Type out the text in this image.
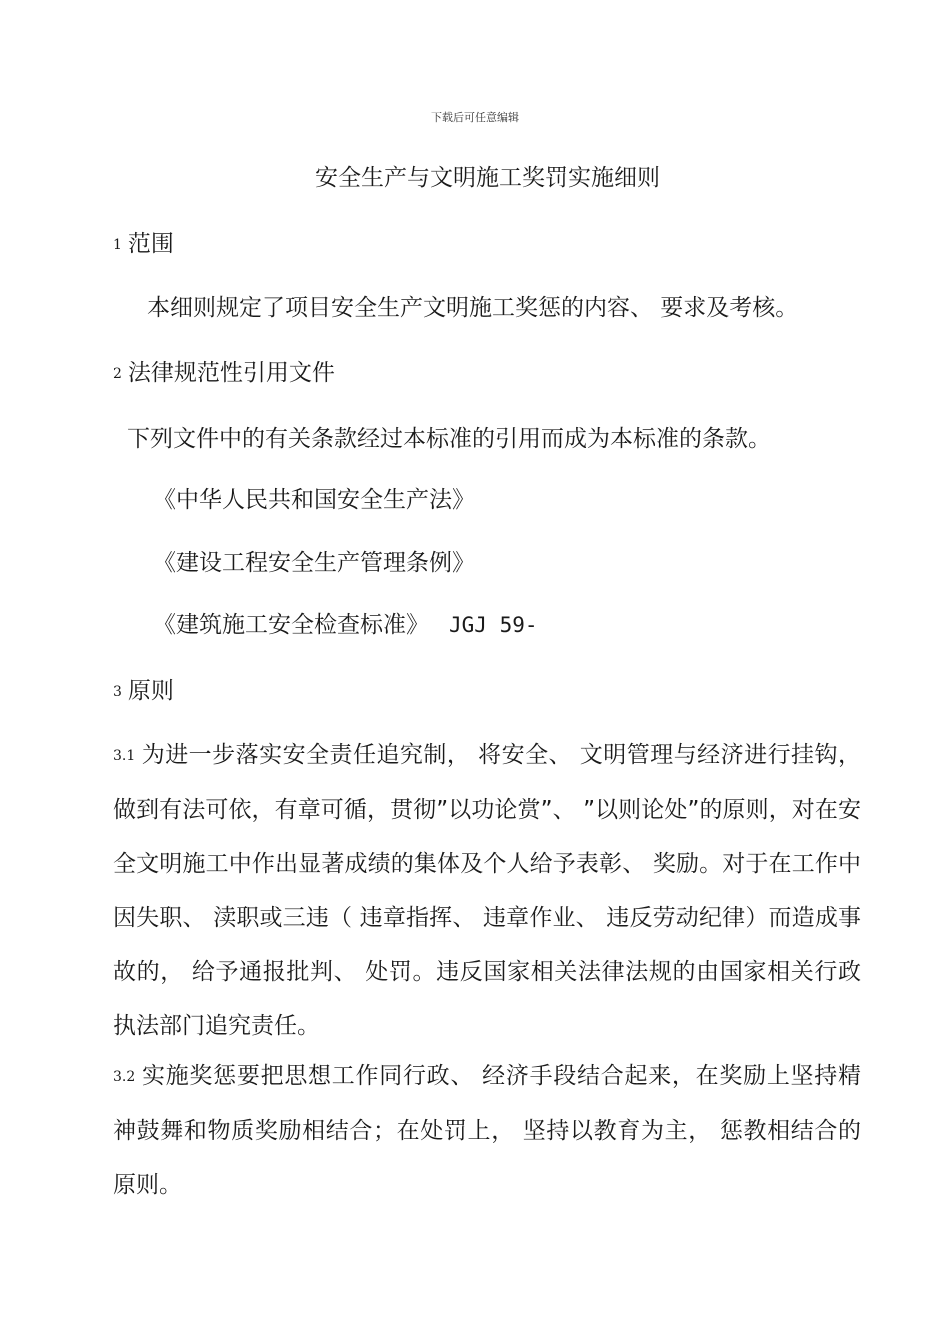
下载后可任意编辑
安全生产与文明施工奖罚实施细则
1 范围
本细则规定了项目安全生产文明施工奖惩的内容、 要求及考核。
2 法律规范性引用文件
下列文件中的有关条款经过本标准的引用而成为本标准的条款。
《中华人民共和国安全生产法》
《建设工程安全生产管理条例》
《建筑施工安全检查标准》 JGJ 59-
3 原则
3.1 为进一步落实安全责任追究制， 将安全、 文明管理与经济进行挂钩，做到有法可依，有章可循，贯彻”以功论赏”、 ”以则论处”的原则，对在安全文明施工中作出显著成绩的集体及个人给予表彰、 奖励。对于在工作中因失职、 渎职或三违（ 违章指挥、 违章作业、 违反劳动纪律）而造成事故的， 给予通报批判、 处罚。违反国家相关法律法规的由国家相关行政执法部门追究责任。
3.2 实施奖惩要把思想工作同行政、 经济手段结合起来，在奖励上坚持精神鼓舞和物质奖励相结合；在处罚上， 坚持以教育为主， 惩教相结合的原则。
